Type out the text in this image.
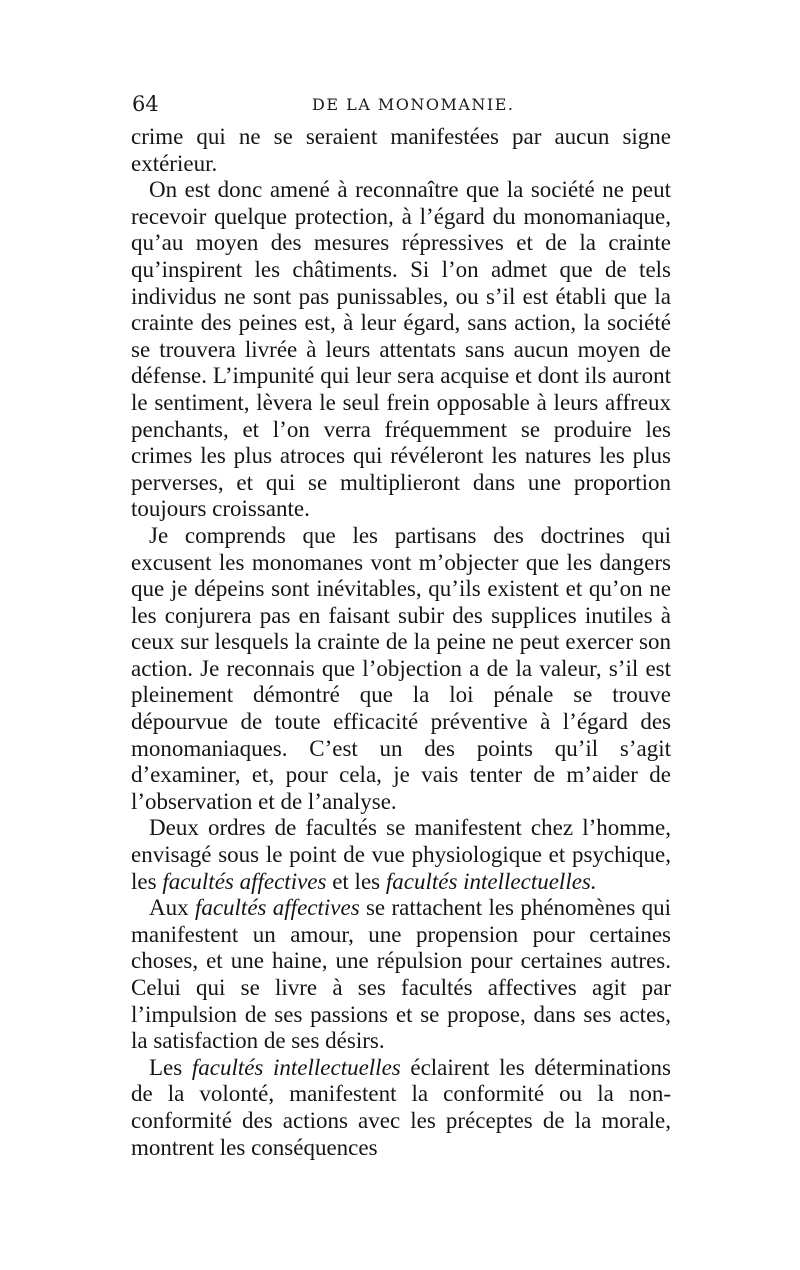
64	DE LA MONOMANIE.

crime qui ne se seraient manifestées par aucun signe extérieur.

On est donc amené à reconnaître que la société ne peut recevoir quelque protection, à l’égard du monomaniaque, qu’au moyen des mesures répressives et de la crainte qu’inspirent les châtiments. Si l’on admet que de tels individus ne sont pas punissables, ou s’il est établi que la crainte des peines est, à leur égard, sans action, la société se trouvera livrée à leurs attentats sans aucun moyen de défense. L’impunité qui leur sera acquise et dont ils auront le sentiment, lèvera le seul frein opposable à leurs affreux penchants, et l’on verra fréquemment se produire les crimes les plus atroces qui révéleront les natures les plus perverses, et qui se multiplieront dans une proportion toujours croissante.

Je comprends que les partisans des doctrines qui excusent les monomanes vont m’objecter que les dangers que je dépeins sont inévitables, qu’ils existent et qu’on ne les conjurera pas en faisant subir des supplices inutiles à ceux sur lesquels la crainte de la peine ne peut exercer son action. Je reconnais que l’objection a de la valeur, s’il est pleinement démontré que la loi pénale se trouve dépourvue de toute efficacité préventive à l’égard des monomaniaques. C’est un des points qu’il s’agit d’examiner, et, pour cela, je vais tenter de m’aider de l’observation et de l’analyse.

Deux ordres de facultés se manifestent chez l’homme, envisagé sous le point de vue physiologique et psychique, les facultés affectives et les facultés intellectuelles.

Aux facultés affectives se rattachent les phénomènes qui manifestent un amour, une propension pour certaines choses, et une haine, une répulsion pour certaines autres. Celui qui se livre à ses facultés affectives agit par l’impulsion de ses passions et se propose, dans ses actes, la satisfaction de ses désirs.

Les facultés intellectuelles éclairent les déterminations de la volonté, manifestent la conformité ou la non-conformité des actions avec les préceptes de la morale, montrent les conséquences
